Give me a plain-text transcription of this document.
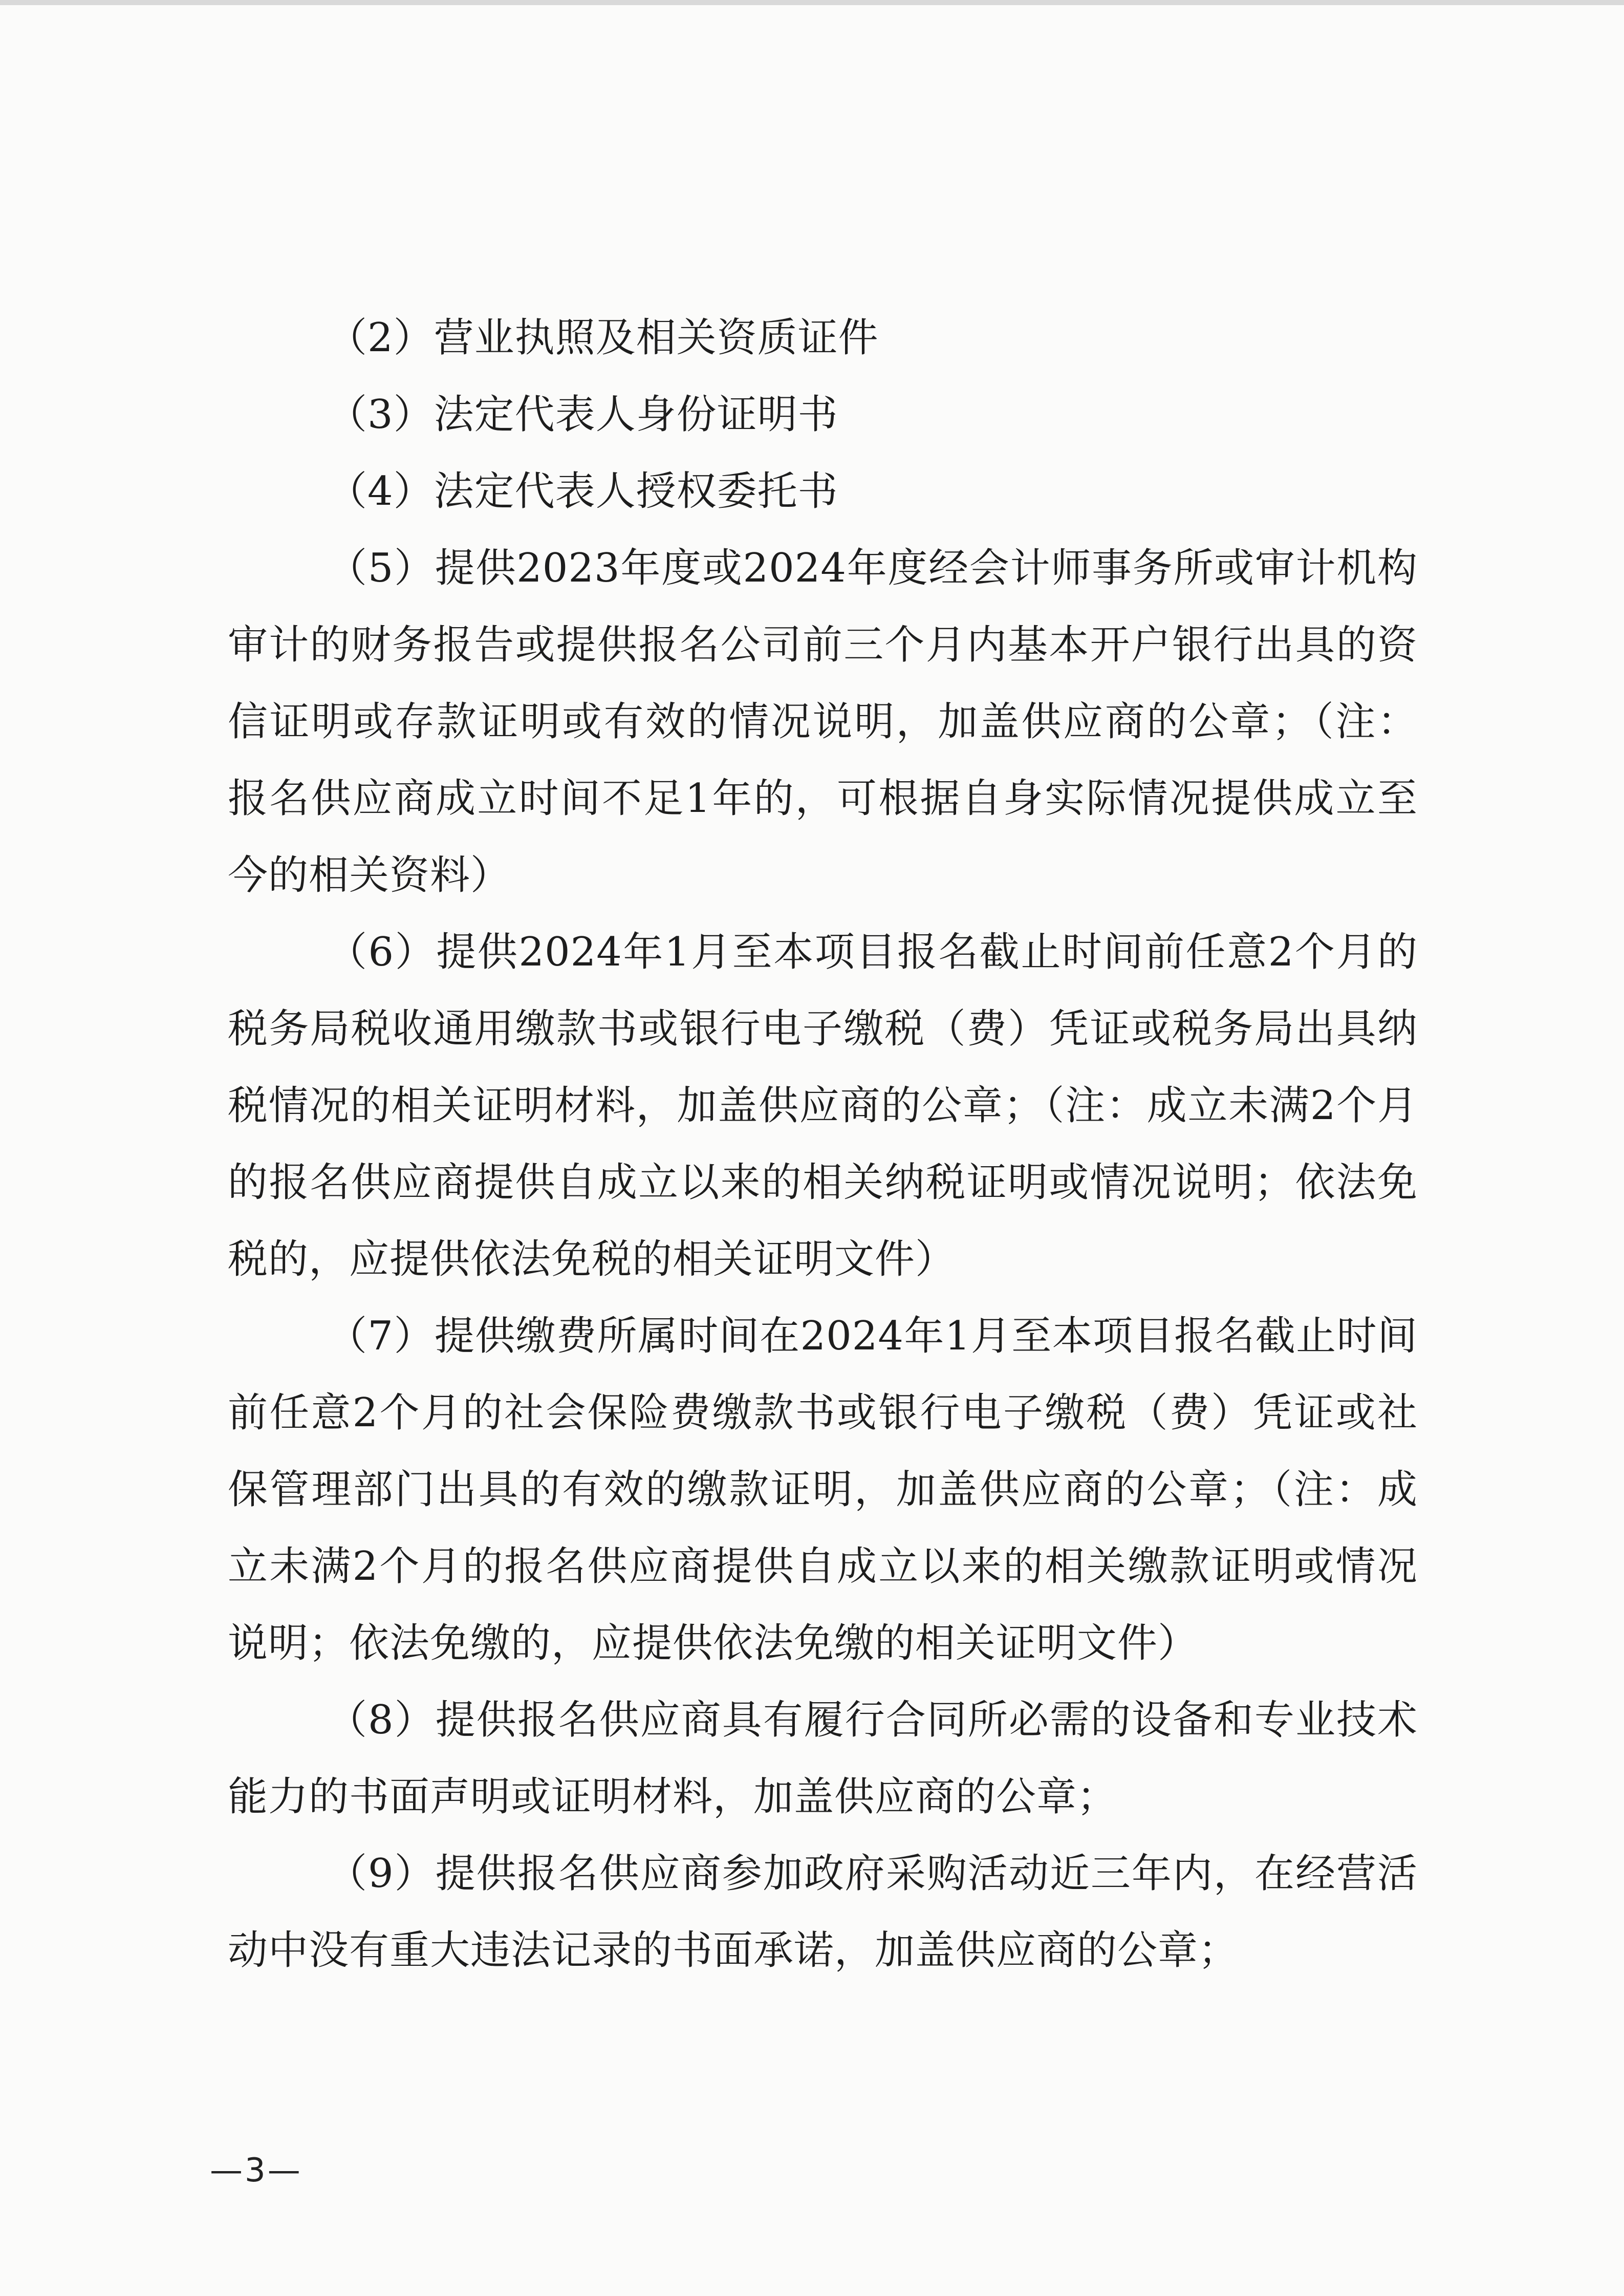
（2）营业执照及相关资质证件

（3）法定代表人身份证明书

（4）法定代表人授权委托书

（5）提供2023年度或2024年度经会计师事务所或审计机构审计的财务报告或提供报名公司前三个月内基本开户银行出具的资信证明或存款证明或有效的情况说明，加盖供应商的公章；（注：报名供应商成立时间不足1年的，可根据自身实际情况提供成立至今的相关资料）

（6）提供2024年1月至本项目报名截止时间前任意2个月的税务局税收通用缴款书或银行电子缴税（费）凭证或税务局出具纳税情况的相关证明材料，加盖供应商的公章；（注：成立未满2个月的报名供应商提供自成立以来的相关纳税证明或情况说明；依法免税的，应提供依法免税的相关证明文件）

（7）提供缴费所属时间在2024年1月至本项目报名截止时间前任意2个月的社会保险费缴款书或银行电子缴税（费）凭证或社保管理部门出具的有效的缴款证明，加盖供应商的公章；（注：成立未满2个月的报名供应商提供自成立以来的相关缴款证明或情况说明；依法免缴的，应提供依法免缴的相关证明文件）

（8）提供报名供应商具有履行合同所必需的设备和专业技术能力的书面声明或证明材料，加盖供应商的公章；

（9）提供报名供应商参加政府采购活动近三年内，在经营活动中没有重大违法记录的书面承诺，加盖供应商的公章；

—3—
